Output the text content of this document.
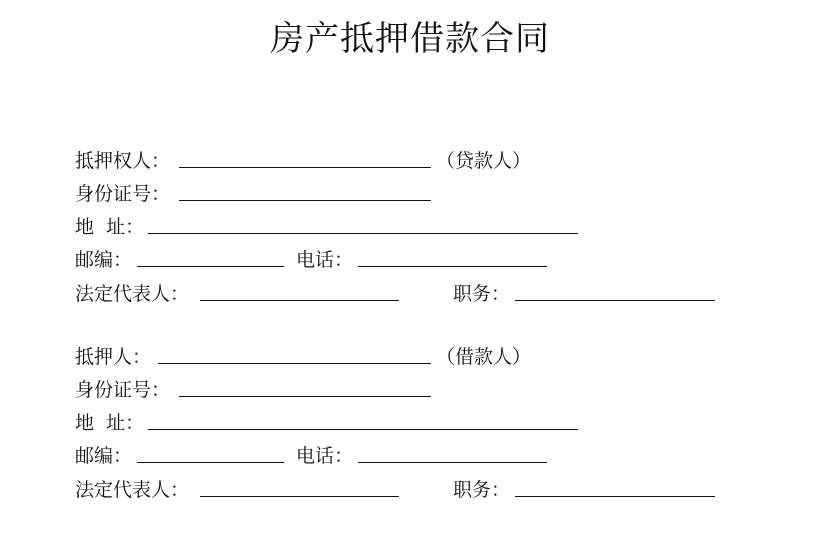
房产抵押借款合同
抵押权人：	（贷款人）
身份证号：
地  址：
邮编：	电话：
法定代表人：	职务：
抵押人：	（借款人）
身份证号：
地  址：
邮编：	电话：
法定代表人：	职务：
